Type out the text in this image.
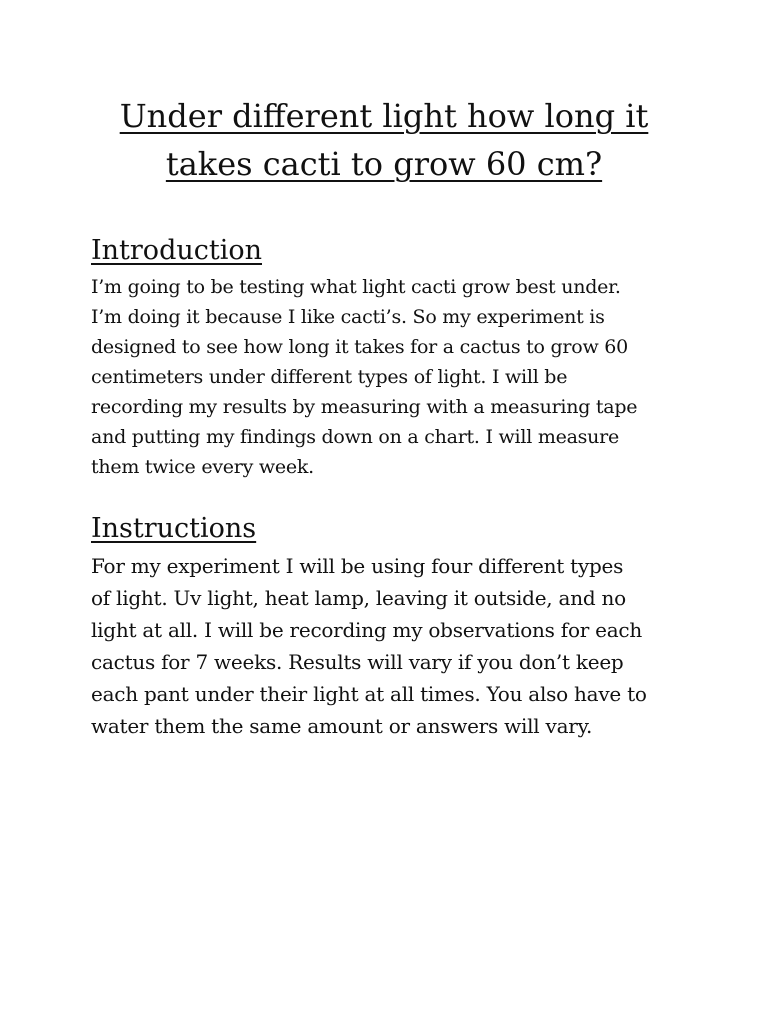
Under different light how long it
takes cacti to grow 60 cm?
Introduction

I’m going to be testing what light cacti grow best under.
I’m doing it because I like cacti’s. So my experiment is
designed to see how long it takes for a cactus to grow 60
centimeters under different types of light. I will be
recording my results by measuring with a measuring tape
and putting my findings down on a chart. I will measure
them twice every week.

Instructions

For my experiment I will be using four different types
of light. Uv light, heat lamp, leaving it outside, and no
light at all. I will be recording my observations for each
cactus for 7 weeks. Results will vary if you don’t keep
each pant under their light at all times. You also have to
water them the same amount or answers will vary.
